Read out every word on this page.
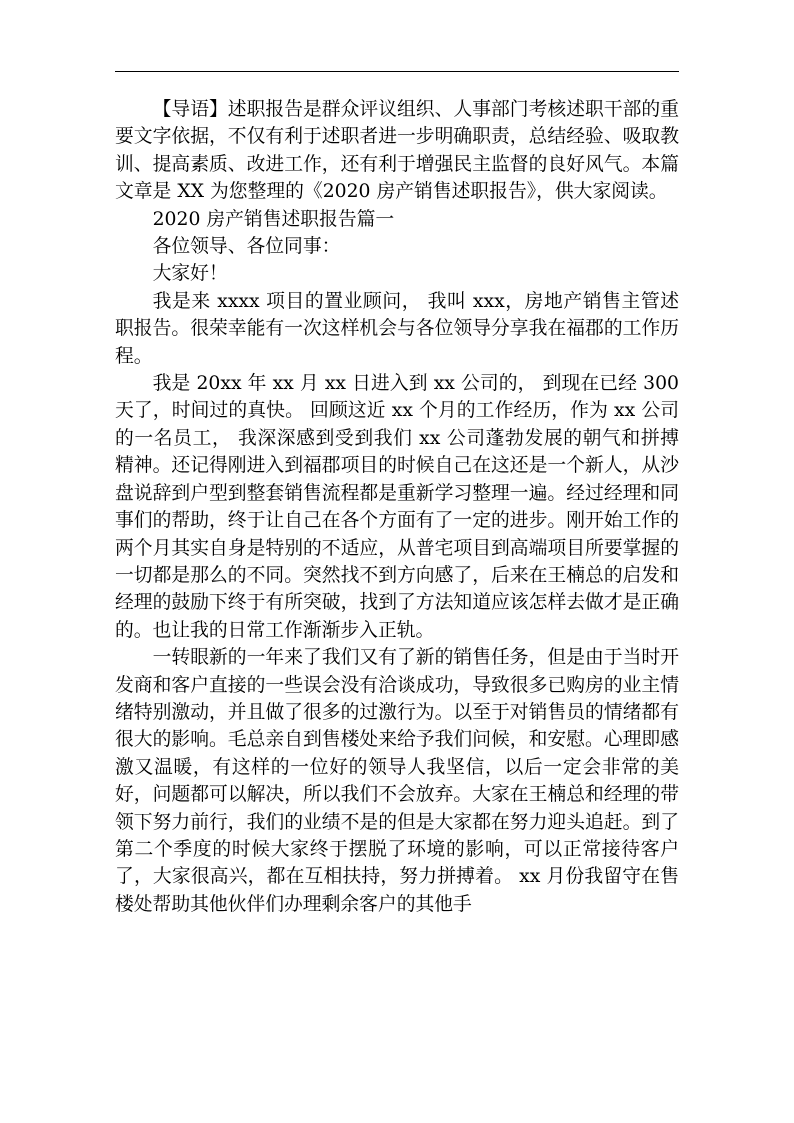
【导语】述职报告是群众评议组织、人事部门考核述职干部的重要文字依据，不仅有利于述职者进一步明确职责，总结经验、吸取教训、提高素质、改进工作，还有利于增强民主监督的良好风气。本篇文章是 XX 为您整理的《2020 房产销售述职报告》，供大家阅读。

2020 房产销售述职报告篇一

各位领导、各位同事：

大家好！

我是来 xxxx 项目的置业顾问， 我叫 xxx，房地产销售主管述职报告。很荣幸能有一次这样机会与各位领导分享我在福郡的工作历程。

我是 20xx 年 xx 月 xx 日进入到 xx 公司的， 到现在已经 300 天了，时间过的真快。 回顾这近 xx 个月的工作经历，作为 xx 公司的一名员工， 我深深感到受到我们 xx 公司蓬勃发展的朝气和拼搏精神。还记得刚进入到福郡项目的时候自己在这还是一个新人，从沙盘说辞到户型到整套销售流程都是重新学习整理一遍。经过经理和同事们的帮助，终于让自己在各个方面有了一定的进步。刚开始工作的两个月其实自身是特别的不适应，从普宅项目到高端项目所要掌握的一切都是那么的不同。突然找不到方向感了，后来在王楠总的启发和经理的鼓励下终于有所突破，找到了方法知道应该怎样去做才是正确的。也让我的日常工作渐渐步入正轨。

一转眼新的一年来了我们又有了新的销售任务，但是由于当时开发商和客户直接的一些误会没有洽谈成功，导致很多已购房的业主情绪特别激动，并且做了很多的过激行为。以至于对销售员的情绪都有很大的影响。毛总亲自到售楼处来给予我们问候，和安慰。心理即感激又温暖，有这样的一位好的领导人我坚信，以后一定会非常的美好，问题都可以解决，所以我们不会放弃。大家在王楠总和经理的带领下努力前行，我们的业绩不是的但是大家都在努力迎头追赶。到了第二个季度的时候大家终于摆脱了环境的影响，可以正常接待客户了，大家很高兴，都在互相扶持，努力拼搏着。 xx 月份我留守在售楼处帮助其他伙伴们办理剩余客户的其他手
